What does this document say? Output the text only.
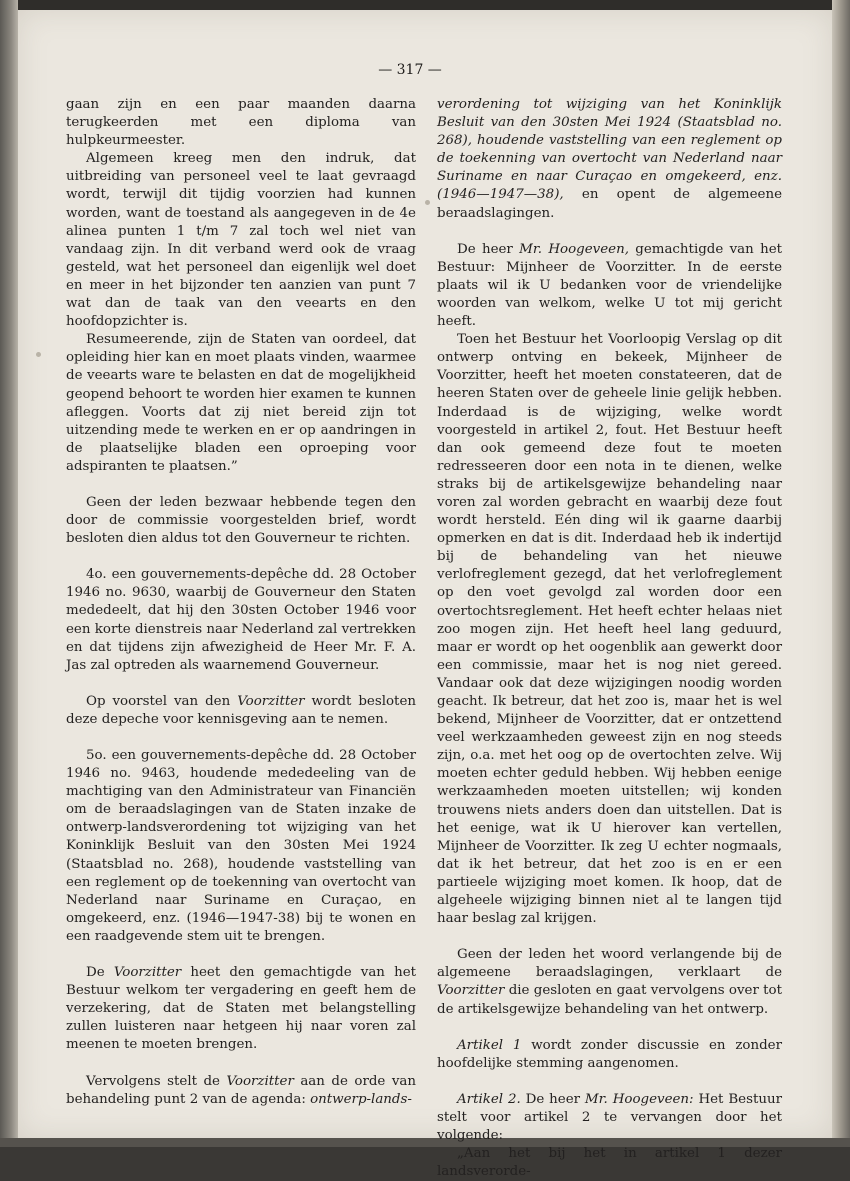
— 317 —

gaan zijn en een paar maanden daarna terugkeerden met een diploma van hulpkeurmeester.

Algemeen kreeg men den indruk, dat uitbreiding van personeel veel te laat gevraagd wordt, terwijl dit tijdig voorzien had kunnen worden, want de toestand als aangegeven in de 4e alinea punten 1 t/m 7 zal toch wel niet van vandaag zijn. In dit verband werd ook de vraag gesteld, wat het personeel dan eigenlijk wel doet en meer in het bijzonder ten aanzien van punt 7 wat dan de taak van den veearts en den hoofdopzichter is.

Resumeerende, zijn de Staten van oordeel, dat opleiding hier kan en moet plaats vinden, waarmee de veearts ware te belasten en dat de mogelijkheid geopend behoort te worden hier examen te kunnen afleggen. Voorts dat zij niet bereid zijn tot uitzending mede te werken en er op aandringen in de plaatselijke bladen een oproeping voor adspiranten te plaatsen.”

Geen der leden bezwaar hebbende tegen den door de commissie voorgestelden brief, wordt besloten dien aldus tot den Gouverneur te richten.

4o. een gouvernements-depêche dd. 28 October 1946 no. 9630, waarbij de Gouverneur den Staten mededeelt, dat hij den 30sten October 1946 voor een korte dienstreis naar Nederland zal vertrekken en dat tijdens zijn afwezigheid de Heer Mr. F. A. Jas zal optreden als waarnemend Gouverneur.

Op voorstel van den Voorzitter wordt besloten deze depeche voor kennisgeving aan te nemen.

5o. een gouvernements-depêche dd. 28 October 1946 no. 9463, houdende mededeeling van de machtiging van den Administrateur van Financiën om de beraadslagingen van de Staten inzake de ontwerp-landsverordening tot wijziging van het Koninklijk Besluit van den 30sten Mei 1924 (Staatsblad no. 268), houdende vaststelling van een reglement op de toekenning van overtocht van Nederland naar Suriname en Curaçao, en omgekeerd, enz. (1946—1947-38) bij te wonen en een raadgevende stem uit te brengen.

De Voorzitter heet den gemachtigde van het Bestuur welkom ter vergadering en geeft hem de verzekering, dat de Staten met belangstelling zullen luisteren naar hetgeen hij naar voren zal meenen te moeten brengen.

Vervolgens stelt de Voorzitter aan de orde van behandeling punt 2 van de agenda: ontwerp-lands-

verordening tot wijziging van het Koninklijk Besluit van den 30sten Mei 1924 (Staatsblad no. 268), houdende vaststelling van een reglement op de toekenning van overtocht van Nederland naar Suriname en naar Curaçao en omgekeerd, enz. (1946—1947—38), en opent de algemeene beraadslagingen.

De heer Mr. Hoogeveen, gemachtigde van het Bestuur: Mijnheer de Voorzitter. In de eerste plaats wil ik U bedanken voor de vriendelijke woorden van welkom, welke U tot mij gericht heeft.

Toen het Bestuur het Voorloopig Verslag op dit ontwerp ontving en bekeek, Mijnheer de Voorzitter, heeft het moeten constateeren, dat de heeren Staten over de geheele linie gelijk hebben. Inderdaad is de wijziging, welke wordt voorgesteld in artikel 2, fout. Het Bestuur heeft dan ook gemeend deze fout te moeten redresseeren door een nota in te dienen, welke straks bij de artikelsgewijze behandeling naar voren zal worden gebracht en waarbij deze fout wordt hersteld. Eén ding wil ik gaarne daarbij opmerken en dat is dit. Inderdaad heb ik indertijd bij de behandeling van het nieuwe verlofreglement gezegd, dat het verlofreglement op den voet gevolgd zal worden door een overtochtsreglement. Het heeft echter helaas niet zoo mogen zijn. Het heeft heel lang geduurd, maar er wordt op het oogenblik aan gewerkt door een commissie, maar het is nog niet gereed. Vandaar ook dat deze wijzigingen noodig worden geacht. Ik betreur, dat het zoo is, maar het is wel bekend, Mijnheer de Voorzitter, dat er ontzettend veel werkzaamheden geweest zijn en nog steeds zijn, o.a. met het oog op de overtochten zelve. Wij moeten echter geduld hebben. Wij hebben eenige werkzaamheden moeten uitstellen; wij konden trouwens niets anders doen dan uitstellen. Dat is het eenige, wat ik U hierover kan vertellen, Mijnheer de Voorzitter. Ik zeg U echter nogmaals, dat ik het betreur, dat het zoo is en er een partieele wijziging moet komen. Ik hoop, dat de algeheele wijziging binnen niet al te langen tijd haar beslag zal krijgen.

Geen der leden het woord verlangende bij de algemeene beraadslagingen, verklaart de Voorzitter die gesloten en gaat vervolgens over tot de artikelsgewijze behandeling van het ontwerp.

Artikel 1 wordt zonder discussie en zonder hoofdelijke stemming aangenomen.

Artikel 2. De heer Mr. Hoogeveen: Het Bestuur stelt voor artikel 2 te vervangen door het volgende:

„Aan het bij het in artikel 1 dezer landsverorde-
